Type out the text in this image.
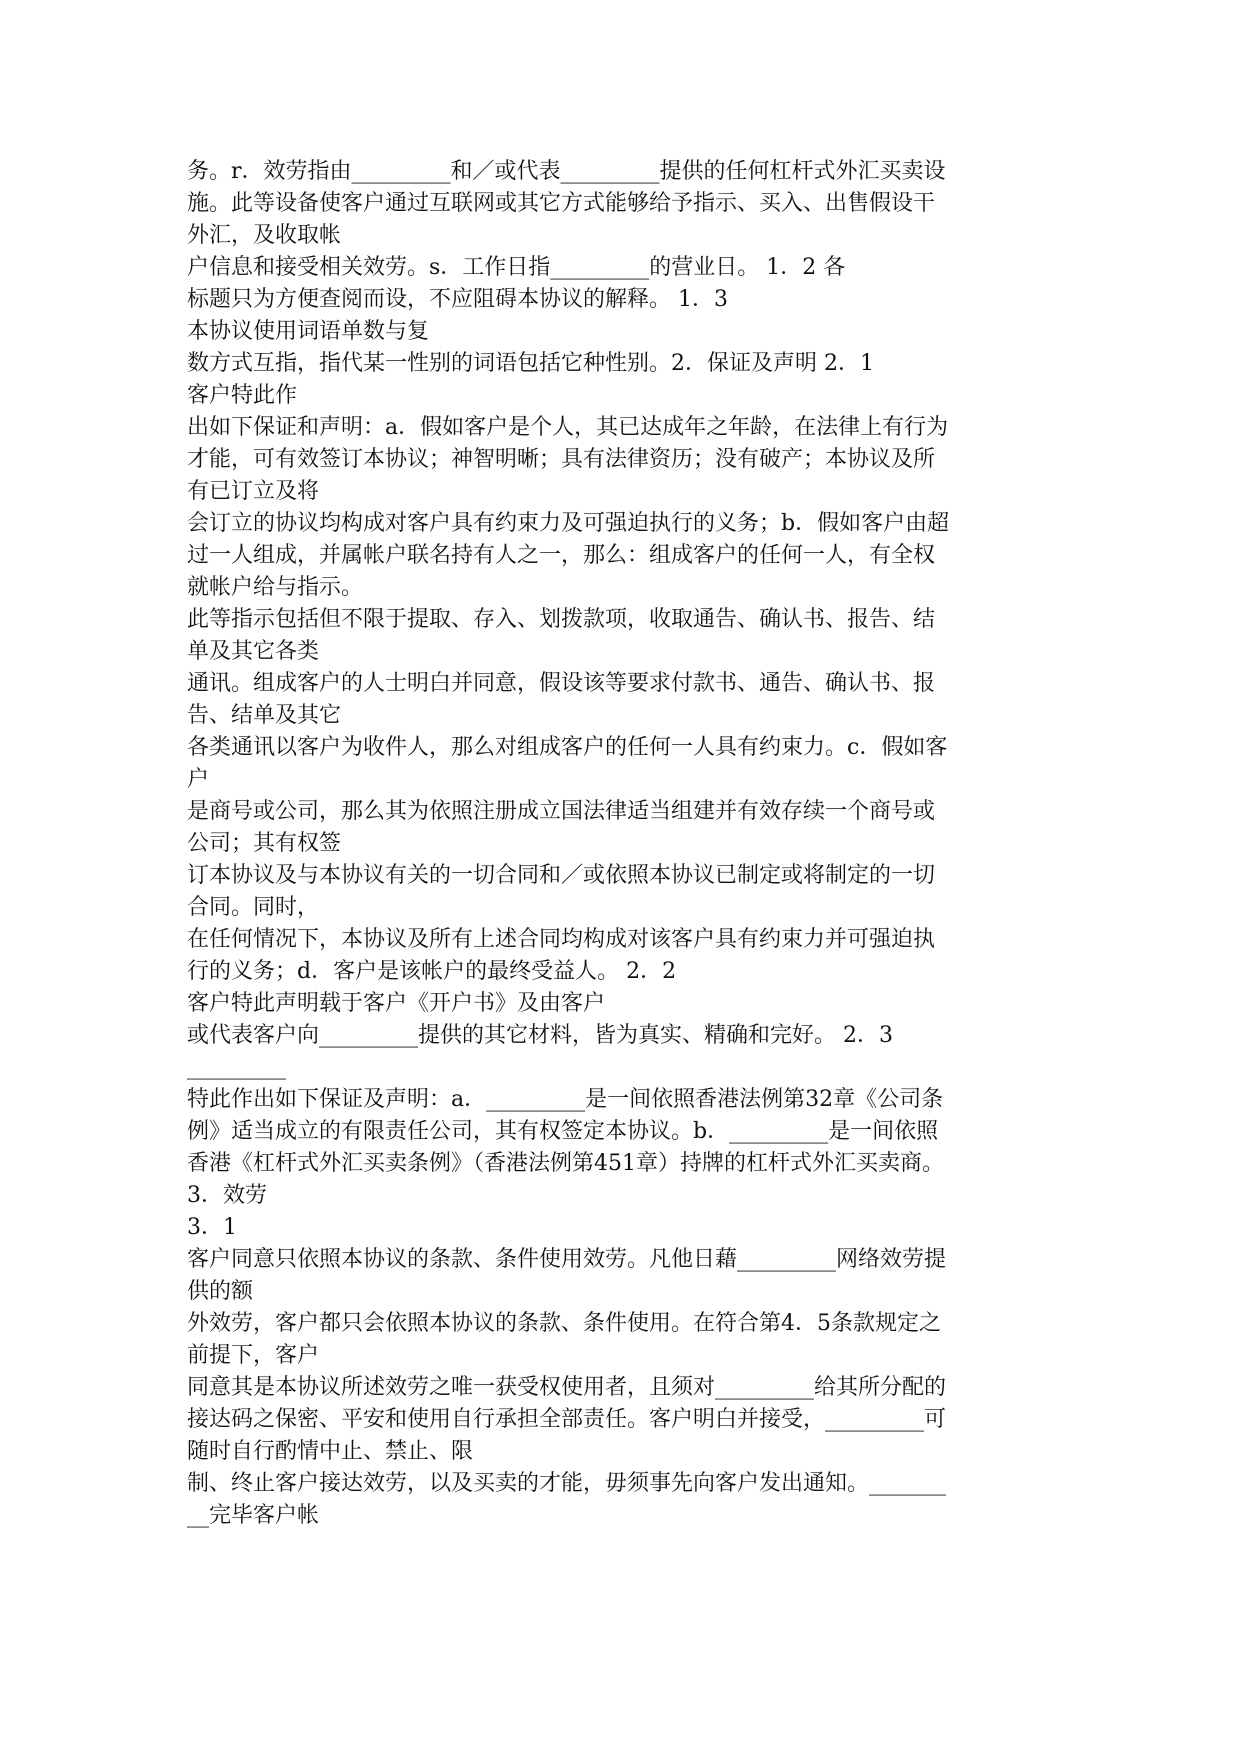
务。r．效劳指由_________和／或代表_________提供的任何杠杆式外汇买卖设
施。此等设备使客户通过互联网或其它方式能够给予指示、买入、出售假设干
外汇，及收取帐
户信息和接受相关效劳。s．工作日指_________的营业日。 1．2 各
标题只为方便查阅而设，不应阻碍本协议的解释。 1．3
本协议使用词语单数与复
数方式互指，指代某一性别的词语包括它种性别。2．保证及声明 2．1
客户特此作
出如下保证和声明：a．假如客户是个人，其已达成年之年龄，在法律上有行为
才能，可有效签订本协议；神智明晰；具有法律资历；没有破产；本协议及所
有已订立及将
会订立的协议均构成对客户具有约束力及可强迫执行的义务；b．假如客户由超
过一人组成，并属帐户联名持有人之一，那么：组成客户的任何一人，有全权
就帐户给与指示。
此等指示包括但不限于提取、存入、划拨款项，收取通告、确认书、报告、结
单及其它各类
通讯。组成客户的人士明白并同意，假设该等要求付款书、通告、确认书、报
告、结单及其它
各类通讯以客户为收件人，那么对组成客户的任何一人具有约束力。c．假如客
户
是商号或公司，那么其为依照注册成立国法律适当组建并有效存续一个商号或
公司；其有权签
订本协议及与本协议有关的一切合同和／或依照本协议已制定或将制定的一切
合同。同时，
在任何情况下，本协议及所有上述合同均构成对该客户具有约束力并可强迫执
行的义务；d．客户是该帐户的最终受益人。 2．2
客户特此声明载于客户《开户书》及由客户
或代表客户向_________提供的其它材料，皆为真实、精确和完好。 2．3
_________
特此作出如下保证及声明：a．_________是一间依照香港法例第32章《公司条
例》适当成立的有限责任公司，其有权签定本协议。b．_________是一间依照
香港《杠杆式外汇买卖条例》（香港法例第451章）持牌的杠杆式外汇买卖商。
3．效劳
3．1
客户同意只依照本协议的条款、条件使用效劳。凡他日藉_________网络效劳提
供的额
外效劳，客户都只会依照本协议的条款、条件使用。在符合第4．5条款规定之
前提下，客户
同意其是本协议所述效劳之唯一获受权使用者，且须对_________给其所分配的
接达码之保密、平安和使用自行承担全部责任。客户明白并接受，_________可
随时自行酌情中止、禁止、限
制、终止客户接达效劳，以及买卖的才能，毋须事先向客户发出通知。_______
__完毕客户帐
